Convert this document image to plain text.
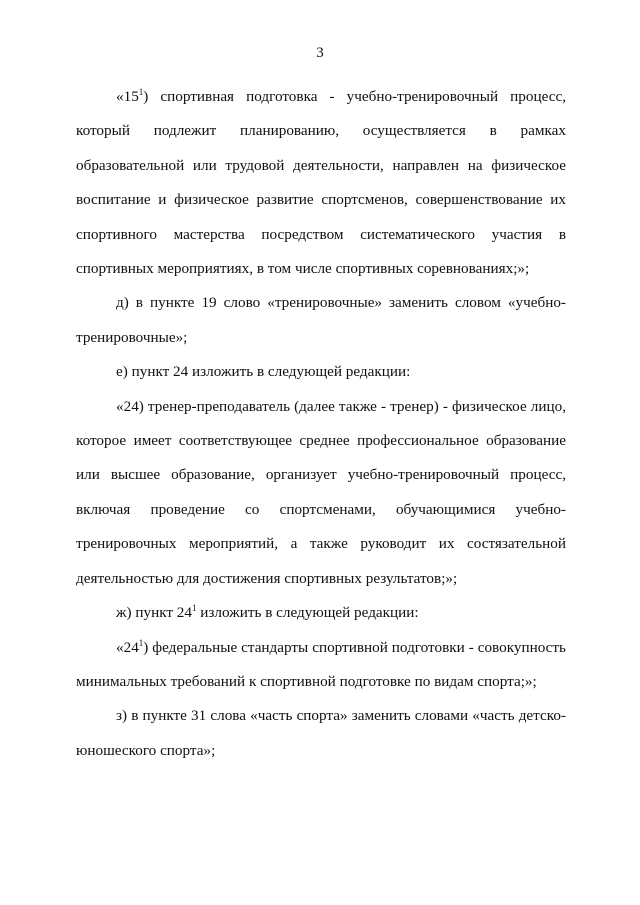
3

«$15^1$) спортивная подготовка - учебно-тренировочный процесс, который подлежит планированию, осуществляется в рамках образовательной или трудовой деятельности, направлен на физическое воспитание и физическое развитие спортсменов, совершенствование их спортивного мастерства посредством систематического участия в спортивных мероприятиях, в том числе спортивных соревнованиях;»;

д) в пункте 19 слово «тренировочные» заменить словом «учебно-тренировочные»;

е) пункт 24 изложить в следующей редакции:

«24) тренер-преподаватель (далее также - тренер) - физическое лицо, которое имеет соответствующее среднее профессиональное образование или высшее образование, организует учебно-тренировочный процесс, включая проведение со спортсменами, обучающимися учебно-тренировочных мероприятий, а также руководит их состязательной деятельностью для достижения спортивных результатов;»;

ж) пункт $24^1$ изложить в следующей редакции:

«$24^1$) федеральные стандарты спортивной подготовки - совокупность минимальных требований к спортивной подготовке по видам спорта;»;

з) в пункте 31 слова «часть спорта» заменить словами «часть детско-юношеского спорта»;
